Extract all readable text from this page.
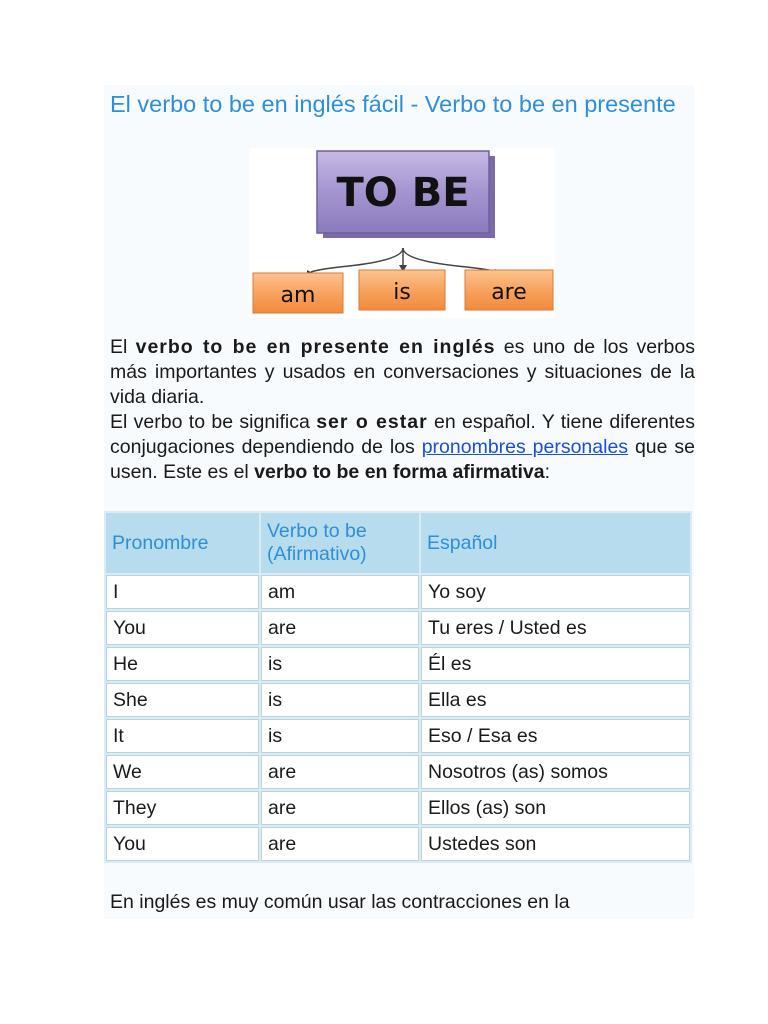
El verbo to be en inglés fácil - Verbo to be en presente
TO BE
am	is	are

El verbo to be en presente en inglés es uno de los verbos más importantes y usados en conversaciones y situaciones de la vida diaria.

El verbo to be significa ser o estar en español. Y tiene diferentes conjugaciones dependiendo de los pronombres personales que se usen. Este es el verbo to be en forma afirmativa:

Pronombre	Verbo to be (Afirmativo)	Español
I	am	Yo soy
You	are	Tu eres / Usted es
He	is	Él es
She	is	Ella es
It	is	Eso / Esa es
We	are	Nosotros (as) somos
They	are	Ellos (as) son
You	are	Ustedes son

En inglés es muy común usar las contracciones en la
